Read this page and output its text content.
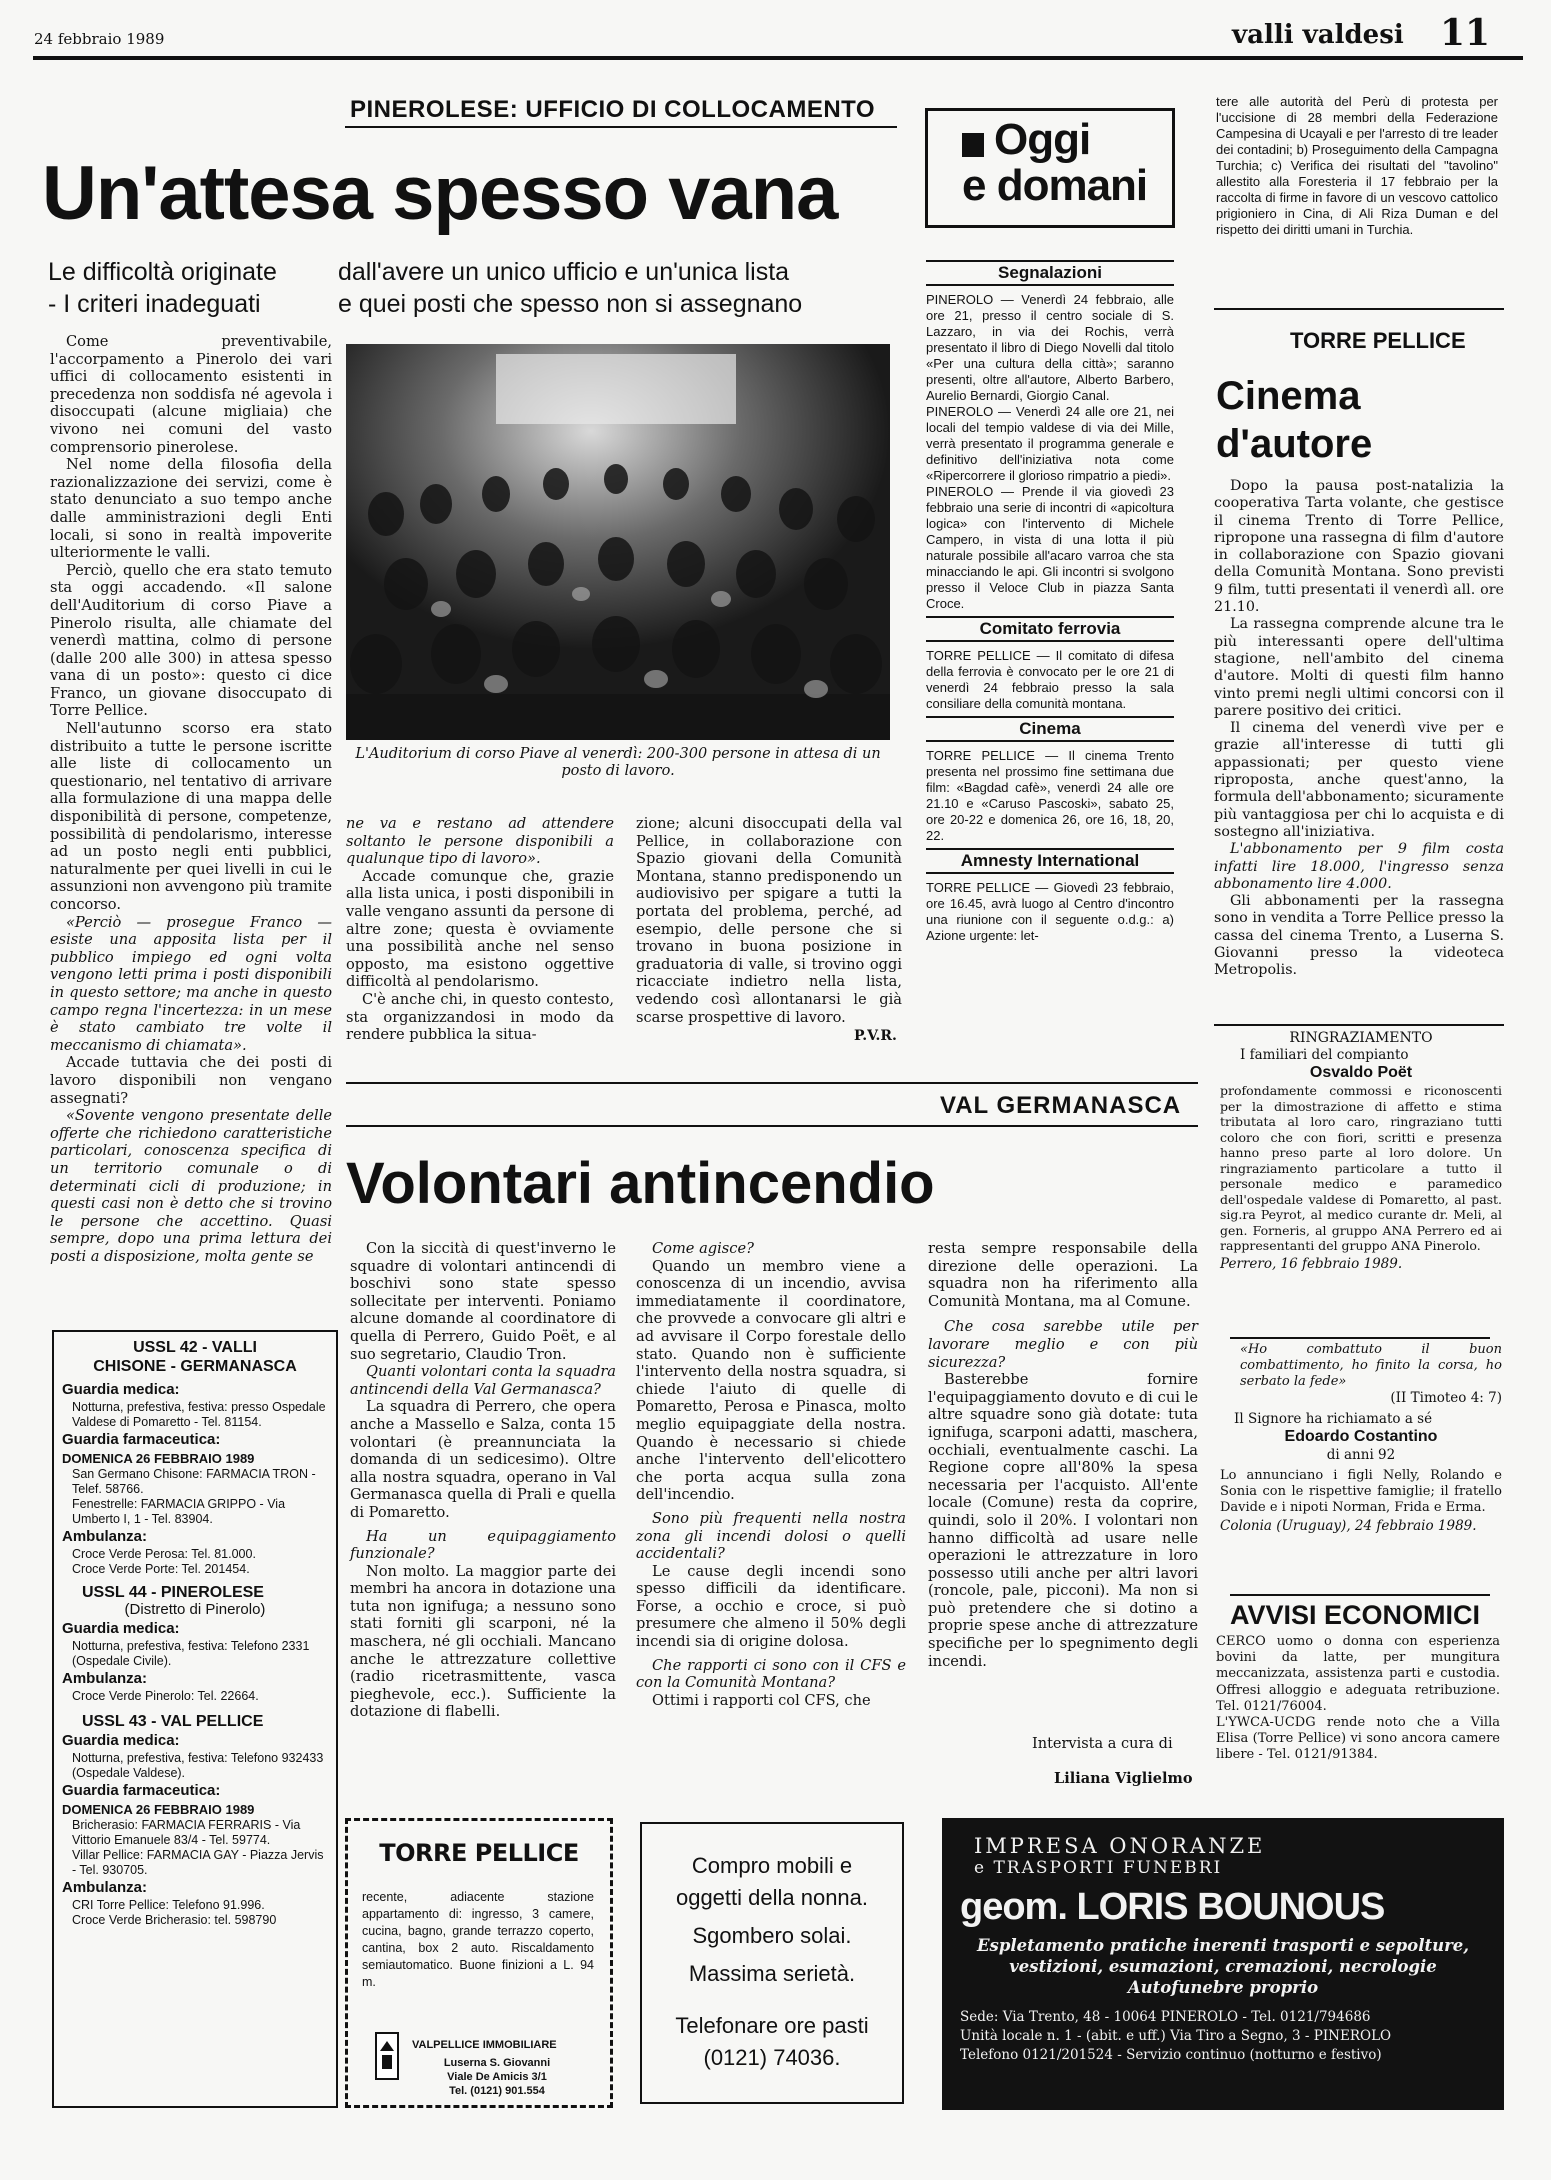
24 febbraio 1989	valli valdesi 11
PINEROLESE: UFFICIO DI COLLOCAMENTO
Un'attesa spesso vana
Le difficoltà originate
- I criteri inadeguati
dall'avere un unico ufficio e un'unica lista
e quei posti che spesso non si assegnano

Come preventivabile, l'accorpamento a Pinerolo dei vari uffici di collocamento esistenti in precedenza non soddisfa né agevola i disoccupati (alcune migliaia) che vivono nei comuni del vasto comprensorio pinerolese.

Nel nome della filosofia della razionalizzazione dei servizi, come è stato denunciato a suo tempo anche dalle amministrazioni degli Enti locali, si sono in realtà impoverite ulteriormente le valli.

Perciò, quello che era stato temuto sta oggi accadendo. «Il salone dell'Auditorium di corso Piave a Pinerolo risulta, alle chiamate del venerdì mattina, colmo di persone (dalle 200 alle 300) in attesa spesso vana di un posto»: questo ci dice Franco, un giovane disoccupato di Torre Pellice.

Nell'autunno scorso era stato distribuito a tutte le persone iscritte alle liste di collocamento un questionario, nel tentativo di arrivare alla formulazione di una mappa delle disponibilità di persone, competenze, possibilità di pendolarismo, interesse ad un posto negli enti pubblici, naturalmente per quei livelli in cui le assunzioni non avvengono più tramite concorso.

«Perciò — prosegue Franco — esiste una apposita lista per il pubblico impiego ed ogni volta vengono letti prima i posti disponibili in questo settore; ma anche in questo campo regna l'incertezza: in un mese è stato cambiato tre volte il meccanismo di chiamata».

Accade tuttavia che dei posti di lavoro disponibili non vengano assegnati?

«Sovente vengono presentate delle offerte che richiedono caratteristiche particolari, conoscenza specifica di un territorio comunale o di determinati cicli di produzione; in questi casi non è detto che si trovino le persone che accettino. Quasi sempre, dopo una prima lettura dei posti a disposizione, molta gente se

L'Auditorium di corso Piave al venerdì: 200-300 persone in attesa di un posto di lavoro.

ne va e restano ad attendere soltanto le persone disponibili a qualunque tipo di lavoro».

Accade comunque che, grazie alla lista unica, i posti disponibili in valle vengano assunti da persone di altre zone; questa è ovviamente una possibilità anche nel senso opposto, ma esistono oggettive difficoltà al pendolarismo.

C'è anche chi, in questo contesto, sta organizzandosi in modo da rendere pubblica la situa-

zione; alcuni disoccupati della val Pellice, in collaborazione con Spazio giovani della Comunità Montana, stanno predisponendo un audiovisivo per spigare a tutti la portata del problema, perché, ad esempio, delle persone che si trovano in buona posizione in graduatoria di valle, si trovino oggi ricacciate indietro nella lista, vedendo così allontanarsi le già scarse prospettive di lavoro.

P.V.R.
Oggi
e domani
Segnalazioni

PINEROLO — Venerdì 24 febbraio, alle ore 21, presso il centro sociale di S. Lazzaro, in via dei Rochis, verrà presentato il libro di Diego Novelli dal titolo «Per una cultura della città»; saranno presenti, oltre all'autore, Alberto Barbero, Aurelio Bernardi, Giorgio Canal.

PINEROLO — Venerdì 24 alle ore 21, nei locali del tempio valdese di via dei Mille, verrà presentato il programma generale e definitivo dell'iniziativa nota come «Ripercorrere il glorioso rimpatrio a piedi».

PINEROLO — Prende il via giovedì 23 febbraio una serie di incontri di «apicoltura logica» con l'intervento di Michele Campero, in vista di una lotta il più naturale possibile all'acaro varroa che sta minacciando le api. Gli incontri si svolgono presso il Veloce Club in piazza Santa Croce.

Comitato ferrovia

TORRE PELLICE — Il comitato di difesa della ferrovia è convocato per le ore 21 di venerdì 24 febbraio presso la sala consiliare della comunità montana.

Cinema

TORRE PELLICE — Il cinema Trento presenta nel prossimo fine settimana due film: «Bagdad cafè», venerdì 24 alle ore 21.10 e «Caruso Pascoski», sabato 25, ore 20-22 e domenica 26, ore 16, 18, 20, 22.

Amnesty International

TORRE PELLICE — Giovedì 23 febbraio, ore 16.45, avrà luogo al Centro d'incontro una riunione con il seguente o.d.g.: a) Azione urgente: let-

tere alle autorità del Perù di protesta per l'uccisione di 28 membri della Federazione Campesina di Ucayali e per l'arresto di tre leader dei contadini; b) Proseguimento della Campagna Turchia; c) Verifica dei risultati del "tavolino" allestito alla Foresteria il 17 febbraio per la raccolta di firme in favore di un vescovo cattolico prigioniero in Cina, di Ali Riza Duman e del rispetto dei diritti umani in Turchia.

TORRE PELLICE
Cinema
d'autore

Dopo la pausa post-natalizia la cooperativa Tarta volante, che gestisce il cinema Trento di Torre Pellice, ripropone una rassegna di film d'autore in collaborazione con Spazio giovani della Comunità Montana. Sono previsti 9 film, tutti presentati il venerdì all. ore 21.10.

La rassegna comprende alcune tra le più interessanti opere dell'ultima stagione, nell'ambito del cinema d'autore. Molti di questi film hanno vinto premi negli ultimi concorsi con il parere positivo dei critici.

Il cinema del venerdì vive per e grazie all'interesse di tutti gli appassionati; per questo viene riproposta, anche quest'anno, la formula dell'abbonamento; sicuramente più vantaggiosa per chi lo acquista e di sostegno all'iniziativa.

L'abbonamento per 9 film costa infatti lire 18.000, l'ingresso senza abbonamento lire 4.000.

Gli abbonamenti per la rassegna sono in vendita a Torre Pellice presso la cassa del cinema Trento, a Luserna S. Giovanni presso la videoteca Metropolis.

RINGRAZIAMENTO
I familiari del compianto
Osvaldo Poët

profondamente commossi e riconoscenti per la dimostrazione di affetto e stima tributata al loro caro, ringraziano tutti coloro che con fiori, scritti e presenza hanno preso parte al loro dolore. Un ringraziamento particolare a tutto il personale medico e paramedico dell'ospedale valdese di Pomaretto, al past. sig.ra Peyrot, al medico curante dr. Meli, al gen. Forneris, al gruppo ANA Perrero ed ai rappresentanti del gruppo ANA Pinerolo.

Perrero, 16 febbraio 1989.

«Ho combattuto il buon combattimento, ho finito la corsa, ho serbato la fede»

(II Timoteo 4: 7)

Il Signore ha richiamato a sé

Edoardo Costantino
di anni 92

Lo annunciano i figli Nelly, Rolando e Sonia con le rispettive famiglie; il fratello Davide e i nipoti Norman, Frida e Erma.

Colonia (Uruguay), 24 febbraio 1989.

AVVISI ECONOMICI

CERCO uomo o donna con esperienza bovini da latte, per mungitura meccanizzata, assistenza parti e custodia. Offresi alloggio e adeguata retribuzione. Tel. 0121/76004.

L'YWCA-UCDG rende noto che a Villa Elisa (Torre Pellice) vi sono ancora camere libere - Tel. 0121/91384.

VAL GERMANASCA
Volontari antincendio

Con la siccità di quest'inverno le squadre di volontari antincendi di boschivi sono state spesso sollecitate per interventi. Poniamo alcune domande al coordinatore di quella di Perrero, Guido Poët, e al suo segretario, Claudio Tron.

Quanti volontari conta la squadra antincendi della Val Germanasca?

La squadra di Perrero, che opera anche a Massello e Salza, conta 15 volontari (è preannunciata la domanda di un sedicesimo). Oltre alla nostra squadra, operano in Val Germanasca quella di Prali e quella di Pomaretto.

Ha un equipaggiamento funzionale?

Non molto. La maggior parte dei membri ha ancora in dotazione una tuta non ignifuga; a nessuno sono stati forniti gli scarponi, né la maschera, né gli occhiali. Mancano anche le attrezzature collettive (radio ricetrasmittente, vasca pieghevole, ecc.). Sufficiente la dotazione di flabelli.

Come agisce?

Quando un membro viene a conoscenza di un incendio, avvisa immediatamente il coordinatore, che provvede a convocare gli altri e ad avvisare il Corpo forestale dello stato. Quando non è sufficiente l'intervento della nostra squadra, si chiede l'aiuto di quelle di Pomaretto, Perosa e Pinasca, molto meglio equipaggiate della nostra. Quando è necessario si chiede anche l'intervento dell'elicottero che porta acqua sulla zona dell'incendio.

Sono più frequenti nella nostra zona gli incendi dolosi o quelli accidentali?

Le cause degli incendi sono spesso difficili da identificare. Forse, a occhio e croce, si può presumere che almeno il 50% degli incendi sia di origine dolosa.

Che rapporti ci sono con il CFS e con la Comunità Montana?

Ottimi i rapporti col CFS, che

resta sempre responsabile della direzione delle operazioni. La squadra non ha riferimento alla Comunità Montana, ma al Comune.

Che cosa sarebbe utile per lavorare meglio e con più sicurezza?

Basterebbe fornire l'equipaggiamento dovuto e di cui le altre squadre sono già dotate: tuta ignifuga, scarponi adatti, maschera, occhiali, eventualmente caschi. La Regione copre all'80% la spesa necessaria per l'acquisto. All'ente locale (Comune) resta da coprire, quindi, solo il 20%. I volontari non hanno difficoltà ad usare nelle operazioni le attrezzature in loro possesso utili anche per altri lavori (roncole, pale, picconi). Ma non si può pretendere che si dotino a proprie spese anche di attrezzature specifiche per lo spegnimento degli incendi.

Intervista a cura di
Liliana Viglielmo
USSL 42 - VALLI
CHISONE - GERMANASCA
Guardia medica:
Notturna, prefestiva, festiva: presso Ospedale Valdese di Pomaretto - Tel. 81154.
Guardia farmaceutica:
DOMENICA 26 FEBBRAIO 1989
San Germano Chisone: FARMACIA TRON - Telef. 58766.
Fenestrelle: FARMACIA GRIPPO - Via Umberto I, 1 - Tel. 83904.
Ambulanza:
Croce Verde Perosa: Tel. 81.000.
Croce Verde Porte: Tel. 201454.
USSL 44 - PINEROLESE
(Distretto di Pinerolo)
Guardia medica:
Notturna, prefestiva, festiva: Telefono 2331 (Ospedale Civile).
Ambulanza:
Croce Verde Pinerolo: Tel. 22664.
USSL 43 - VAL PELLICE
Guardia medica:
Notturna, prefestiva, festiva: Telefono 932433 (Ospedale Valdese).
Guardia farmaceutica:
DOMENICA 26 FEBBRAIO 1989
Bricherasio: FARMACIA FERRARIS - Via Vittorio Emanuele 83/4 - Tel. 59774.
Villar Pellice: FARMACIA GAY - Piazza Jervis - Tel. 930705.
Ambulanza:
CRI Torre Pellice: Telefono 91.996.
Croce Verde Bricherasio: tel. 598790
TORRE PELLICE
recente, adiacente stazione appartamento di: ingresso, 3 camere, cucina, bagno, grande terrazzo coperto, cantina, box 2 auto. Riscaldamento semiautomatico. Buone finizioni a L. 94 m.
VALPELLICE IMMOBILIARE
Luserna S. Giovanni
Viale De Amicis 3/1
Tel. (0121) 901.554
Compro mobili e
oggetti della nonna.
Sgombero solai.
Massima serietà.
Telefonare ore pasti
(0121) 74036.
IMPRESA ONORANZE
e TRASPORTI FUNEBRI
geom. LORIS BOUNOUS
Espletamento pratiche inerenti trasporti e sepolture, vestizioni, esumazioni, cremazioni, necrologie
Autofunebre proprio
Sede: Via Trento, 48 - 10064 PINEROLO - Tel. 0121/794686
Unità locale n. 1 - (abit. e uff.) Via Tiro a Segno, 3 - PINEROLO
Telefono 0121/201524 - Servizio continuo (notturno e festivo)
